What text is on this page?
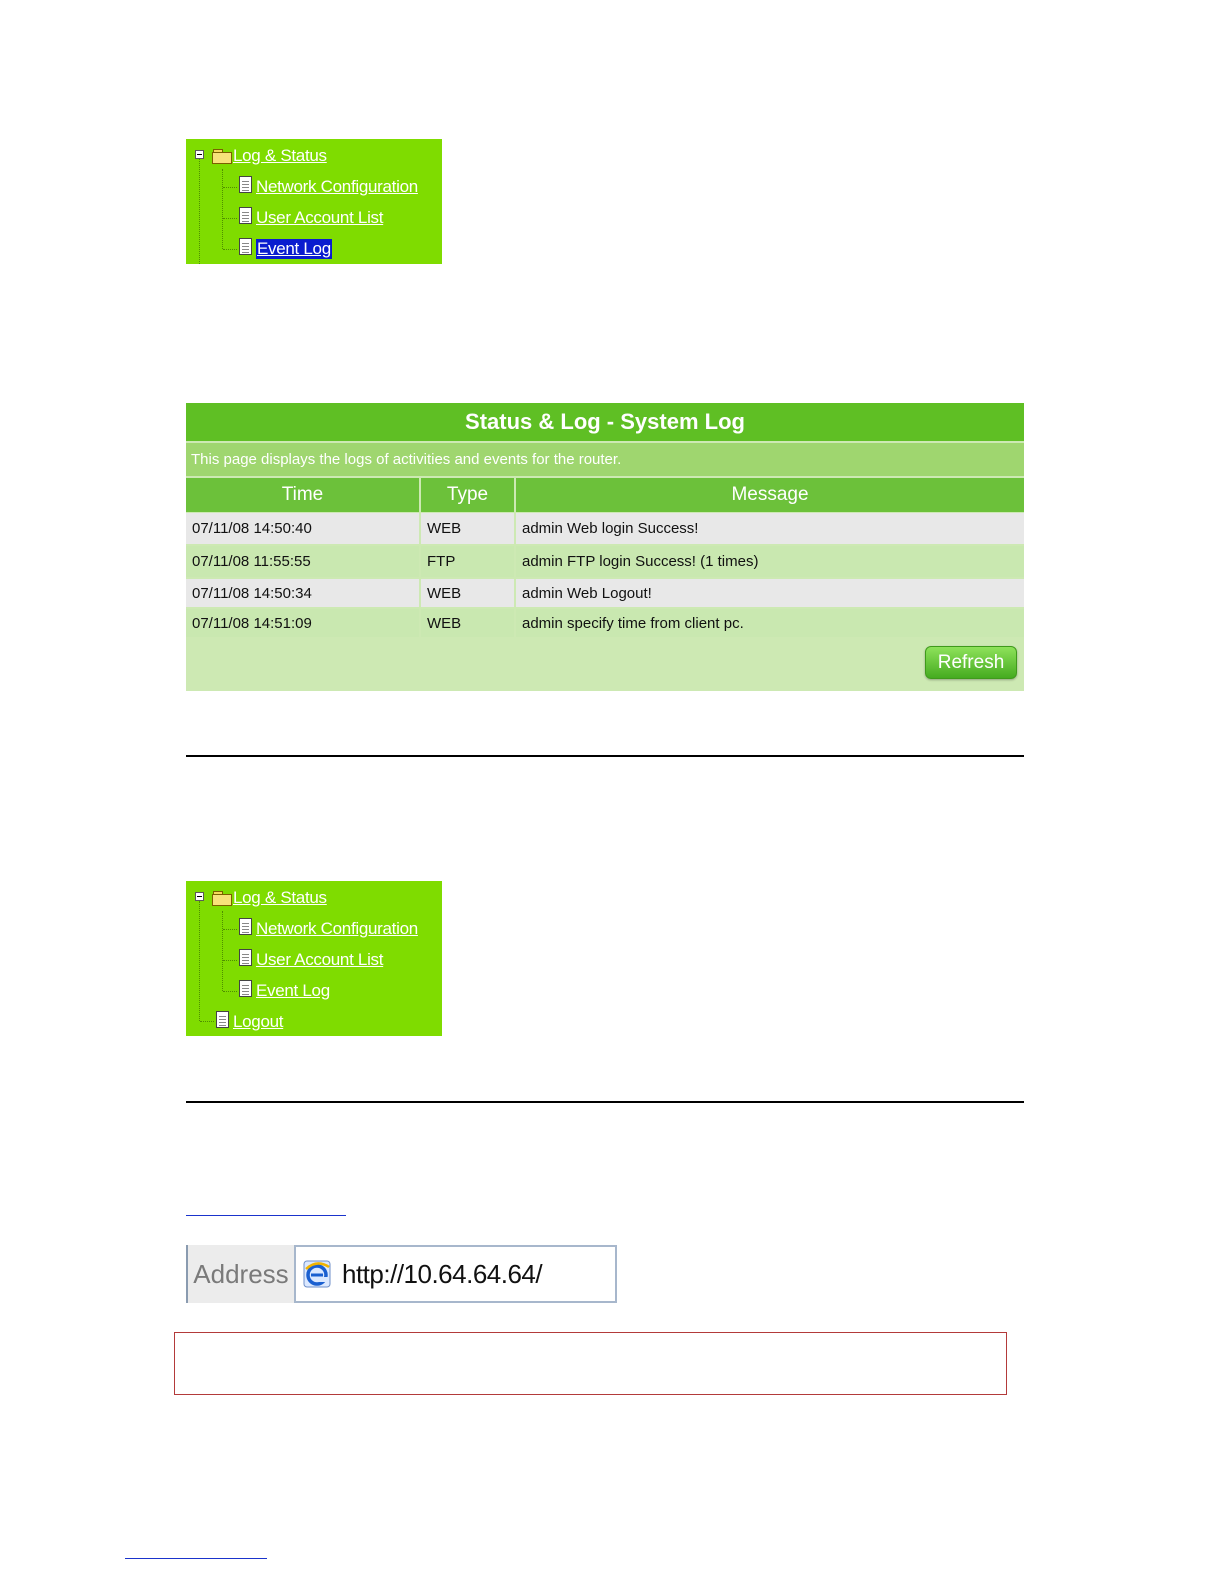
Log & Status
Network Configuration
User Account List
Event Log
Status & Log - System Log
This page displays the logs of activities and events for the router.
Time	Type	Message
07/11/08 14:50:40	WEB	admin Web login Success!
07/11/08 11:55:55	FTP	admin FTP login Success! (1 times)
07/11/08 14:50:34	WEB	admin Web Logout!
07/11/08 14:51:09	WEB	admin specify time from client pc.
Refresh
Log & Status
Network Configuration
User Account List
Event Log
Logout
Address http://10.64.64.64/
